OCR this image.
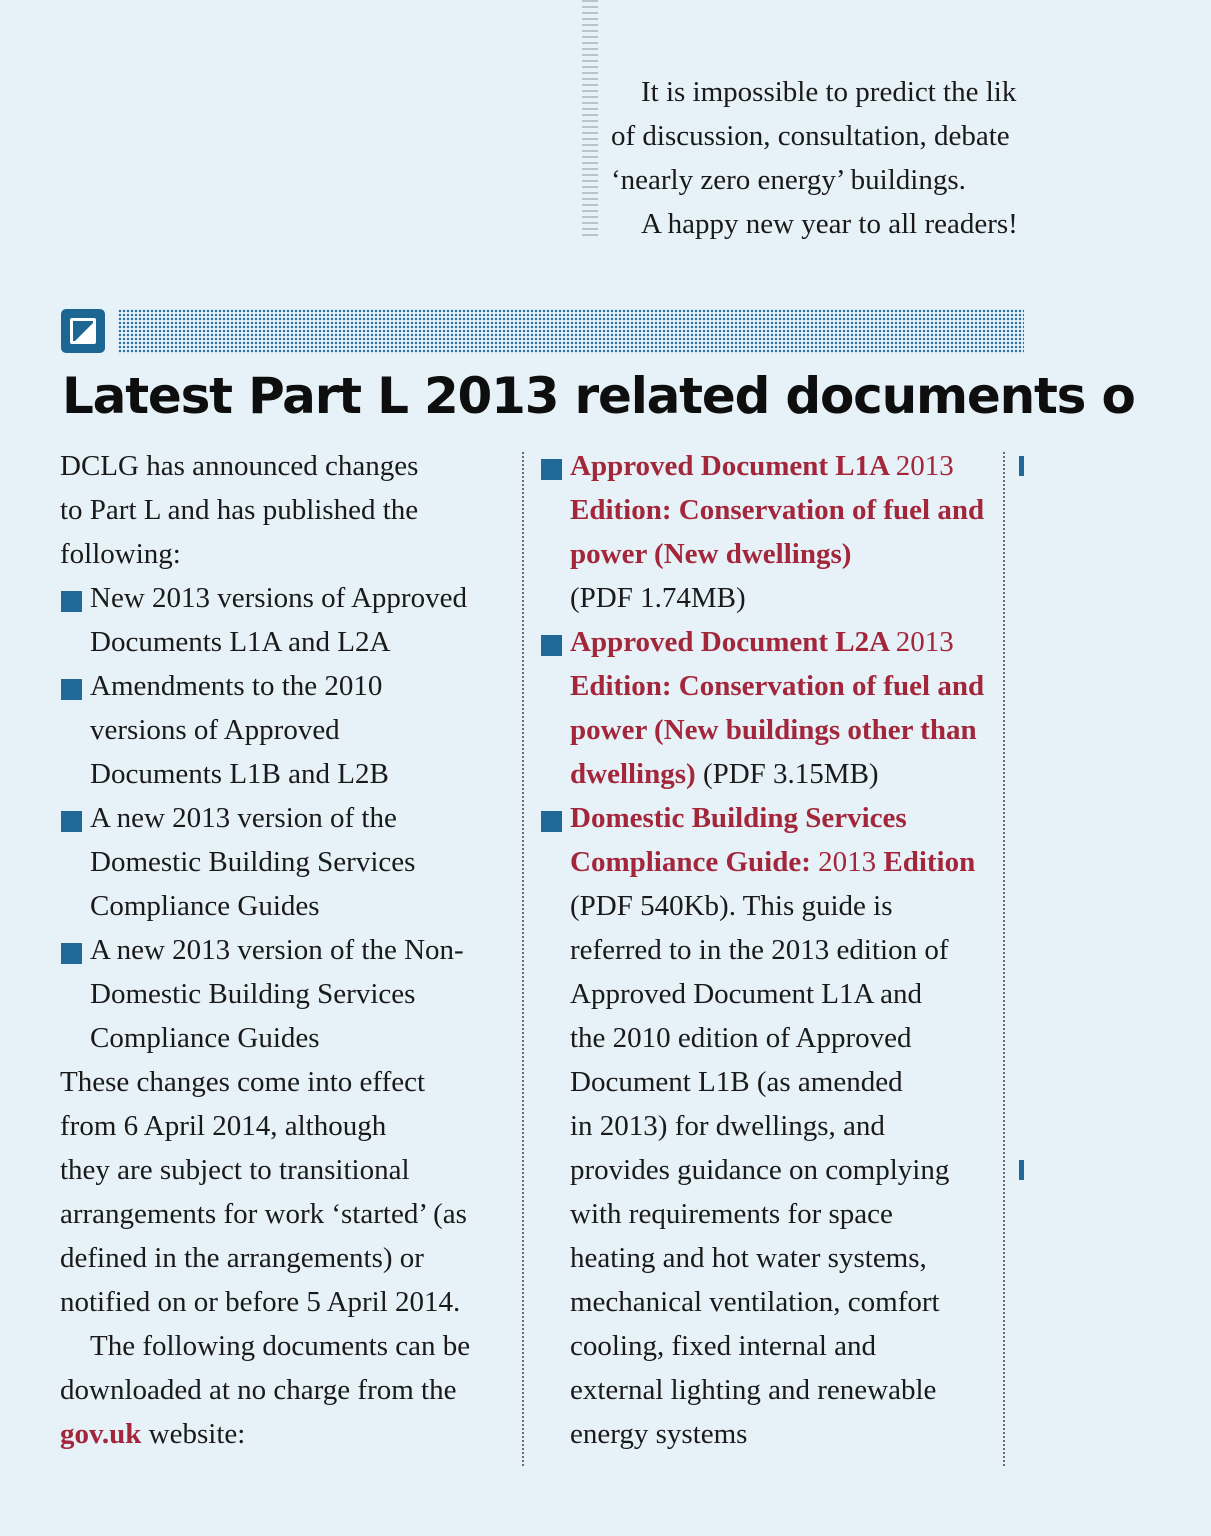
It is impossible to predict the lik

of discussion, consultation, debate

‘nearly zero energy’ buildings.

A happy new year to all readers!

Latest Part L 2013 related documents o

DCLG has announced changes

to Part L and has published the

following:

New 2013 versions of Approved
Documents L1A and L2A
Amendments to the 2010
versions of Approved
Documents L1B and L2B
A new 2013 version of the
Domestic Building Services
Compliance Guides
A new 2013 version of the Non-
Domestic Building Services
Compliance Guides

These changes come into effect

from 6 April 2014, although

they are subject to transitional

arrangements for work ‘started’ (as

defined in the arrangements) or

notified on or before 5 April 2014.

The following documents can be

downloaded at no charge from the

gov.uk website:

Approved Document L1A 2013
Edition: Conservation of fuel and
power (New dwellings)
(PDF 1.74MB)
Approved Document L2A 2013
Edition: Conservation of fuel and
power (New buildings other than
dwellings) (PDF 3.15MB)
Domestic Building Services
Compliance Guide: 2013 Edition
(PDF 540Kb). This guide is
referred to in the 2013 edition of
Approved Document L1A and
the 2010 edition of Approved
Document L1B (as amended
in 2013) for dwellings, and
provides guidance on complying
with requirements for space
heating and hot water systems,
mechanical ventilation, comfort
cooling, fixed internal and
external lighting and renewable
energy systems
